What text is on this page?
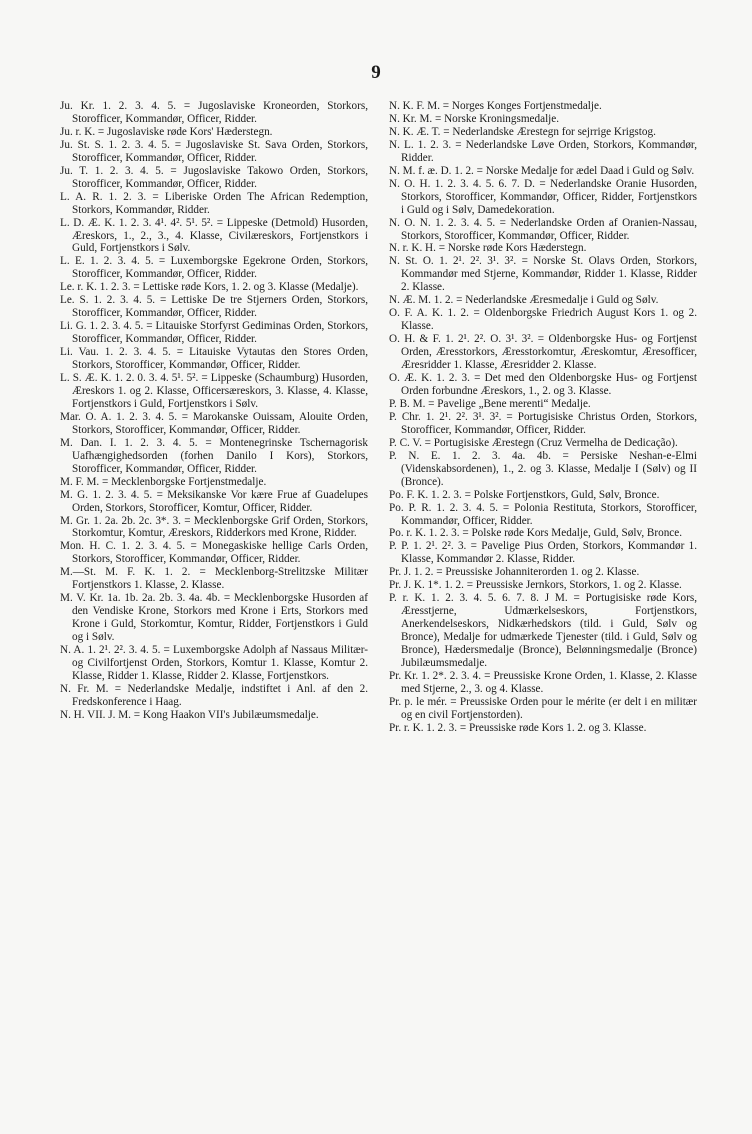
9

Ju. Kr. 1. 2. 3. 4. 5. = Jugoslaviske Kroneorden, Storkors, Storofficer, Kommandør, Officer, Ridder.

Ju. r. K. = Jugoslaviske røde Kors' Hæderstegn.

Ju. St. S. 1. 2. 3. 4. 5. = Jugoslaviske St. Sava Orden, Storkors, Storofficer, Kommandør, Officer, Ridder.

Ju. T. 1. 2. 3. 4. 5. = Jugoslaviske Takowo Orden, Storkors, Storofficer, Kommandør, Officer, Ridder.

L. A. R. 1. 2. 3. = Liberiske Orden The African Redemption, Storkors, Kommandør, Ridder.

L. D. Æ. K. 1. 2. 3. 4¹. 4². 5¹. 5². = Lippeske (Detmold) Husorden, Æreskors, 1., 2., 3., 4. Klasse, Civilæreskors, Fortjenstkors i Guld, Fortjenstkors i Sølv.

L. E. 1. 2. 3. 4. 5. = Luxemborgske Egekrone Orden, Storkors, Storofficer, Kommandør, Officer, Ridder.

Le. r. K. 1. 2. 3. = Lettiske røde Kors, 1. 2. og 3. Klasse (Medalje).

Le. S. 1. 2. 3. 4. 5. = Lettiske De tre Stjerners Orden, Storkors, Storofficer, Kommandør, Officer, Ridder.

Li. G. 1. 2. 3. 4. 5. = Litauiske Storfyrst Gediminas Orden, Storkors, Storofficer, Kommandør, Officer, Ridder.

Li. Vau. 1. 2. 3. 4. 5. = Litauiske Vytautas den Stores Orden, Storkors, Storofficer, Kommandør, Officer, Ridder.

L. S. Æ. K. 1. 2. 0. 3. 4. 5¹. 5². = Lippeske (Schaumburg) Husorden, Æreskors 1. og 2. Klasse, Officersæreskors, 3. Klasse, 4. Klasse, Fortjenstkors i Guld, Fortjenstkors i Sølv.

Mar. O. A. 1. 2. 3. 4. 5. = Marokanske Ouissam, Alouite Orden, Storkors, Storofficer, Kommandør, Officer, Ridder.

M. Dan. I. 1. 2. 3. 4. 5. = Montenegrinske Tschernagorisk Uafhængighedsorden (forhen Danilo I Kors), Storkors, Storofficer, Kommandør, Officer, Ridder.

M. F. M. = Mecklenborgske Fortjenstmedalje.

M. G. 1. 2. 3. 4. 5. = Meksikanske Vor kære Frue af Guadelupes Orden, Storkors, Storofficer, Komtur, Officer, Ridder.

M. Gr. 1. 2a. 2b. 2c. 3*. 3. = Mecklenborgske Grif Orden, Storkors, Storkomtur, Komtur, Æreskors, Ridderkors med Krone, Ridder.

Mon. H. C. 1. 2. 3. 4. 5. = Monegaskiske hellige Carls Orden, Storkors, Storofficer, Kommandør, Officer, Ridder.

M.—St. M. F. K. 1. 2. = Mecklenborg-Strelitzske Militær Fortjenstkors 1. Klasse, 2. Klasse.

M. V. Kr. 1a. 1b. 2a. 2b. 3. 4a. 4b. = Mecklenborgske Husorden af den Vendiske Krone, Storkors med Krone i Erts, Storkors med Krone i Guld, Storkomtur, Komtur, Ridder, Fortjenstkors i Guld og i Sølv.

N. A. 1. 2¹. 2². 3. 4. 5. = Luxemborgske Adolph af Nassaus Militær- og Civilfortjenst Orden, Storkors, Komtur 1. Klasse, Komtur 2. Klasse, Ridder 1. Klasse, Ridder 2. Klasse, Fortjenstkors.

N. Fr. M. = Nederlandske Medalje, indstiftet i Anl. af den 2. Fredskonference i Haag.

N. H. VII. J. M. = Kong Haakon VII's Jubilæumsmedalje.

N. K. F. M. = Norges Konges Fortjenstmedalje.

N. Kr. M. = Norske Kroningsmedalje.

N. K. Æ. T. = Nederlandske Ærestegn for sejrrige Krigstog.

N. L. 1. 2. 3. = Nederlandske Løve Orden, Storkors, Kommandør, Ridder.

N. M. f. æ. D. 1. 2. = Norske Medalje for ædel Daad i Guld og Sølv.

N. O. H. 1. 2. 3. 4. 5. 6. 7. D. = Nederlandske Oranie Husorden, Storkors, Storofficer, Kommandør, Officer, Ridder, Fortjenstkors i Guld og i Sølv, Damedekoration.

N. O. N. 1. 2. 3. 4. 5. = Nederlandske Orden af Oranien-Nassau, Storkors, Storofficer, Kommandør, Officer, Ridder.

N. r. K. H. = Norske røde Kors Hæderstegn.

N. St. O. 1. 2¹. 2². 3¹. 3². = Norske St. Olavs Orden, Storkors, Kommandør med Stjerne, Kommandør, Ridder 1. Klasse, Ridder 2. Klasse.

N. Æ. M. 1. 2. = Nederlandske Æresmedalje i Guld og Sølv.

O. F. A. K. 1. 2. = Oldenborgske Friedrich August Kors 1. og 2. Klasse.

O. H. & F. 1. 2¹. 2². O. 3¹. 3². = Oldenborgske Hus- og Fortjenst Orden, Æresstorkors, Æresstorkomtur, Æreskomtur, Æresofficer, Æresridder 1. Klasse, Æresridder 2. Klasse.

O. Æ. K. 1. 2. 3. = Det med den Oldenborgske Hus- og Fortjenst Orden forbundne Æreskors, 1., 2. og 3. Klasse.

P. B. M. = Pavelige „Bene merenti“ Medalje.

P. Chr. 1. 2¹. 2². 3¹. 3². = Portugisiske Christus Orden, Storkors, Storofficer, Kommandør, Officer, Ridder.

P. C. V. = Portugisiske Ærestegn (Cruz Vermelha de Dedicação).

P. N. E. 1. 2. 3. 4a. 4b. = Persiske Neshan-e-Elmi (Videnskabsordenen), 1., 2. og 3. Klasse, Medalje I (Sølv) og II (Bronce).

Po. F. K. 1. 2. 3. = Polske Fortjenstkors, Guld, Sølv, Bronce.

Po. P. R. 1. 2. 3. 4. 5. = Polonia Restituta, Storkors, Storofficer, Kommandør, Officer, Ridder.

Po. r. K. 1. 2. 3. = Polske røde Kors Medalje, Guld, Sølv, Bronce.

P. P. 1. 2¹. 2². 3. = Pavelige Pius Orden, Storkors, Kommandør 1. Klasse, Kommandør 2. Klasse, Ridder.

Pr. J. 1. 2. = Preussiske Johanniterorden 1. og 2. Klasse.

Pr. J. K. 1*. 1. 2. = Preussiske Jernkors, Storkors, 1. og 2. Klasse.

P. r. K. 1. 2. 3. 4. 5. 6. 7. 8. J M. = Portugisiske røde Kors, Æresstjerne, Udmærkelseskors, Fortjenstkors, Anerkendelseskors, Nidkærhedskors (tild. i Guld, Sølv og Bronce), Medalje for udmærkede Tjenester (tild. i Guld, Sølv og Bronce), Hædersmedalje (Bronce), Belønningsmedalje (Bronce) Jubilæumsmedalje.

Pr. Kr. 1. 2*. 2. 3. 4. = Preussiske Krone Orden, 1. Klasse, 2. Klasse med Stjerne, 2., 3. og 4. Klasse.

Pr. p. le mér. = Preussiske Orden pour le mérite (er delt i en militær og en civil Fortjenstorden).

Pr. r. K. 1. 2. 3. = Preussiske røde Kors 1. 2. og 3. Klasse.
